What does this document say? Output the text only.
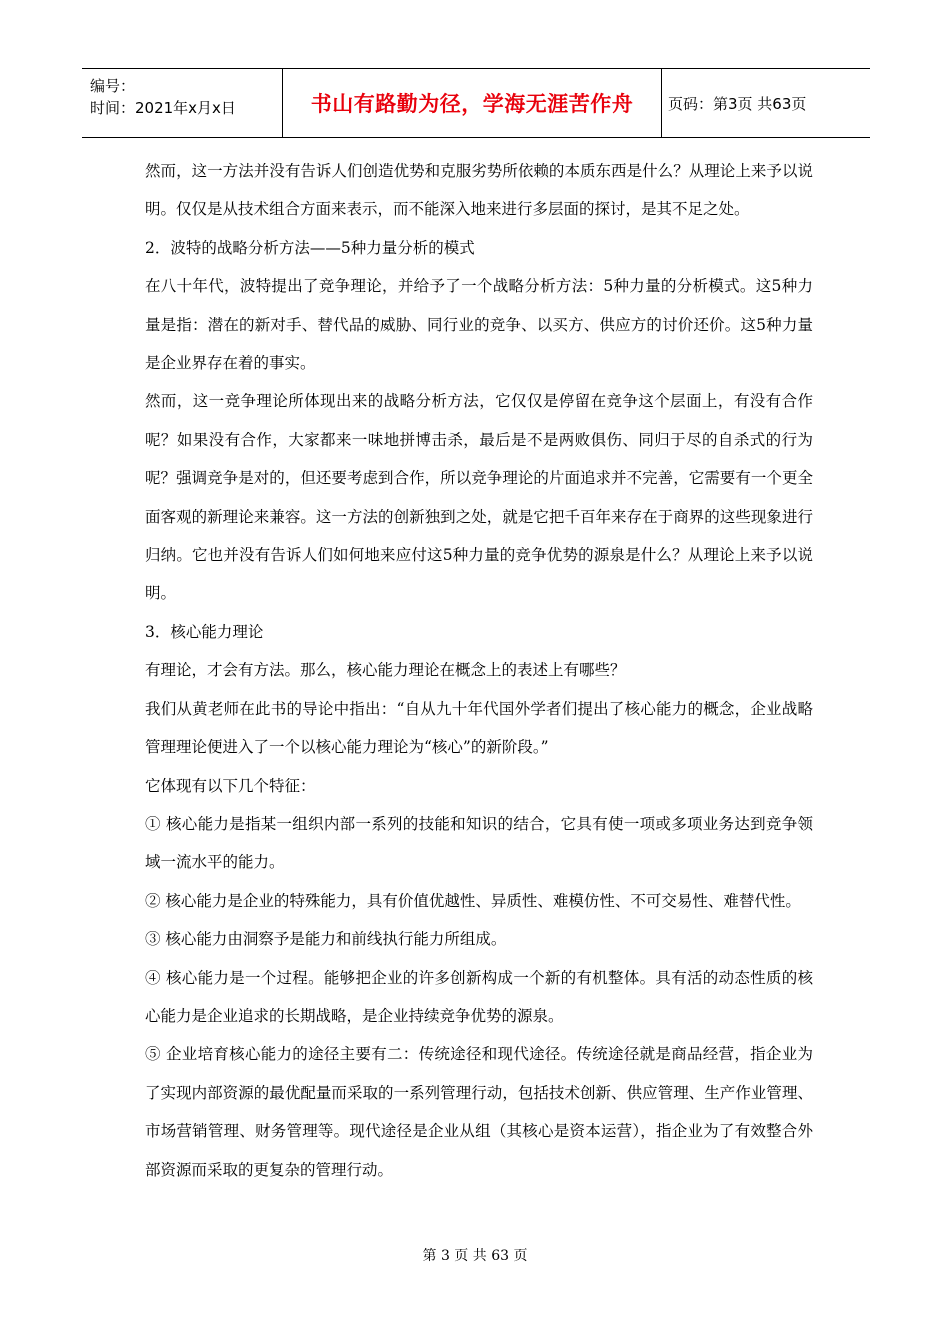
编号：
时间：2021年x月x日	书山有路勤为径，学海无涯苦作舟 页码：第3页 共63页

然而，这一方法并没有告诉人们创造优势和克服劣势所依赖的本质东西是什么？从理论上来予以说明。仅仅是从技术组合方面来表示，而不能深入地来进行多层面的探讨，是其不足之处。

2．波特的战略分析方法——5种力量分析的模式

在八十年代，波特提出了竞争理论，并给予了一个战略分析方法：5种力量的分析模式。这5种力量是指：潜在的新对手、替代品的威胁、同行业的竞争、以买方、供应方的讨价还价。这5种力量是企业界存在着的事实。

然而，这一竞争理论所体现出来的战略分析方法，它仅仅是停留在竞争这个层面上，有没有合作呢？如果没有合作，大家都来一味地拼博击杀，最后是不是两败俱伤、同归于尽的自杀式的行为呢？强调竞争是对的，但还要考虑到合作，所以竞争理论的片面追求并不完善，它需要有一个更全面客观的新理论来兼容。这一方法的创新独到之处，就是它把千百年来存在于商界的这些现象进行归纳。它也并没有告诉人们如何地来应付这5种力量的竞争优势的源泉是什么？从理论上来予以说明。

3．核心能力理论

有理论，才会有方法。那么，核心能力理论在概念上的表述上有哪些？

我们从黄老师在此书的导论中指出：“自从九十年代国外学者们提出了核心能力的概念，企业战略管理理论便进入了一个以核心能力理论为“核心”的新阶段。”

它体现有以下几个特征：

① 核心能力是指某一组织内部一系列的技能和知识的结合，它具有使一项或多项业务达到竞争领域一流水平的能力。

② 核心能力是企业的特殊能力，具有价值优越性、异质性、难模仿性、不可交易性、难替代性。

③ 核心能力由洞察予是能力和前线执行能力所组成。

④ 核心能力是一个过程。能够把企业的许多创新构成一个新的有机整体。具有活的动态性质的核心能力是企业追求的长期战略，是企业持续竞争优势的源泉。

⑤ 企业培育核心能力的途径主要有二：传统途径和现代途径。传统途径就是商品经营，指企业为了实现内部资源的最优配量而采取的一系列管理行动，包括技术创新、供应管理、生产作业管理、市场营销管理、财务管理等。现代途径是企业从组（其核心是资本运营），指企业为了有效整合外部资源而采取的更复杂的管理行动。

第 3 页 共 63 页
